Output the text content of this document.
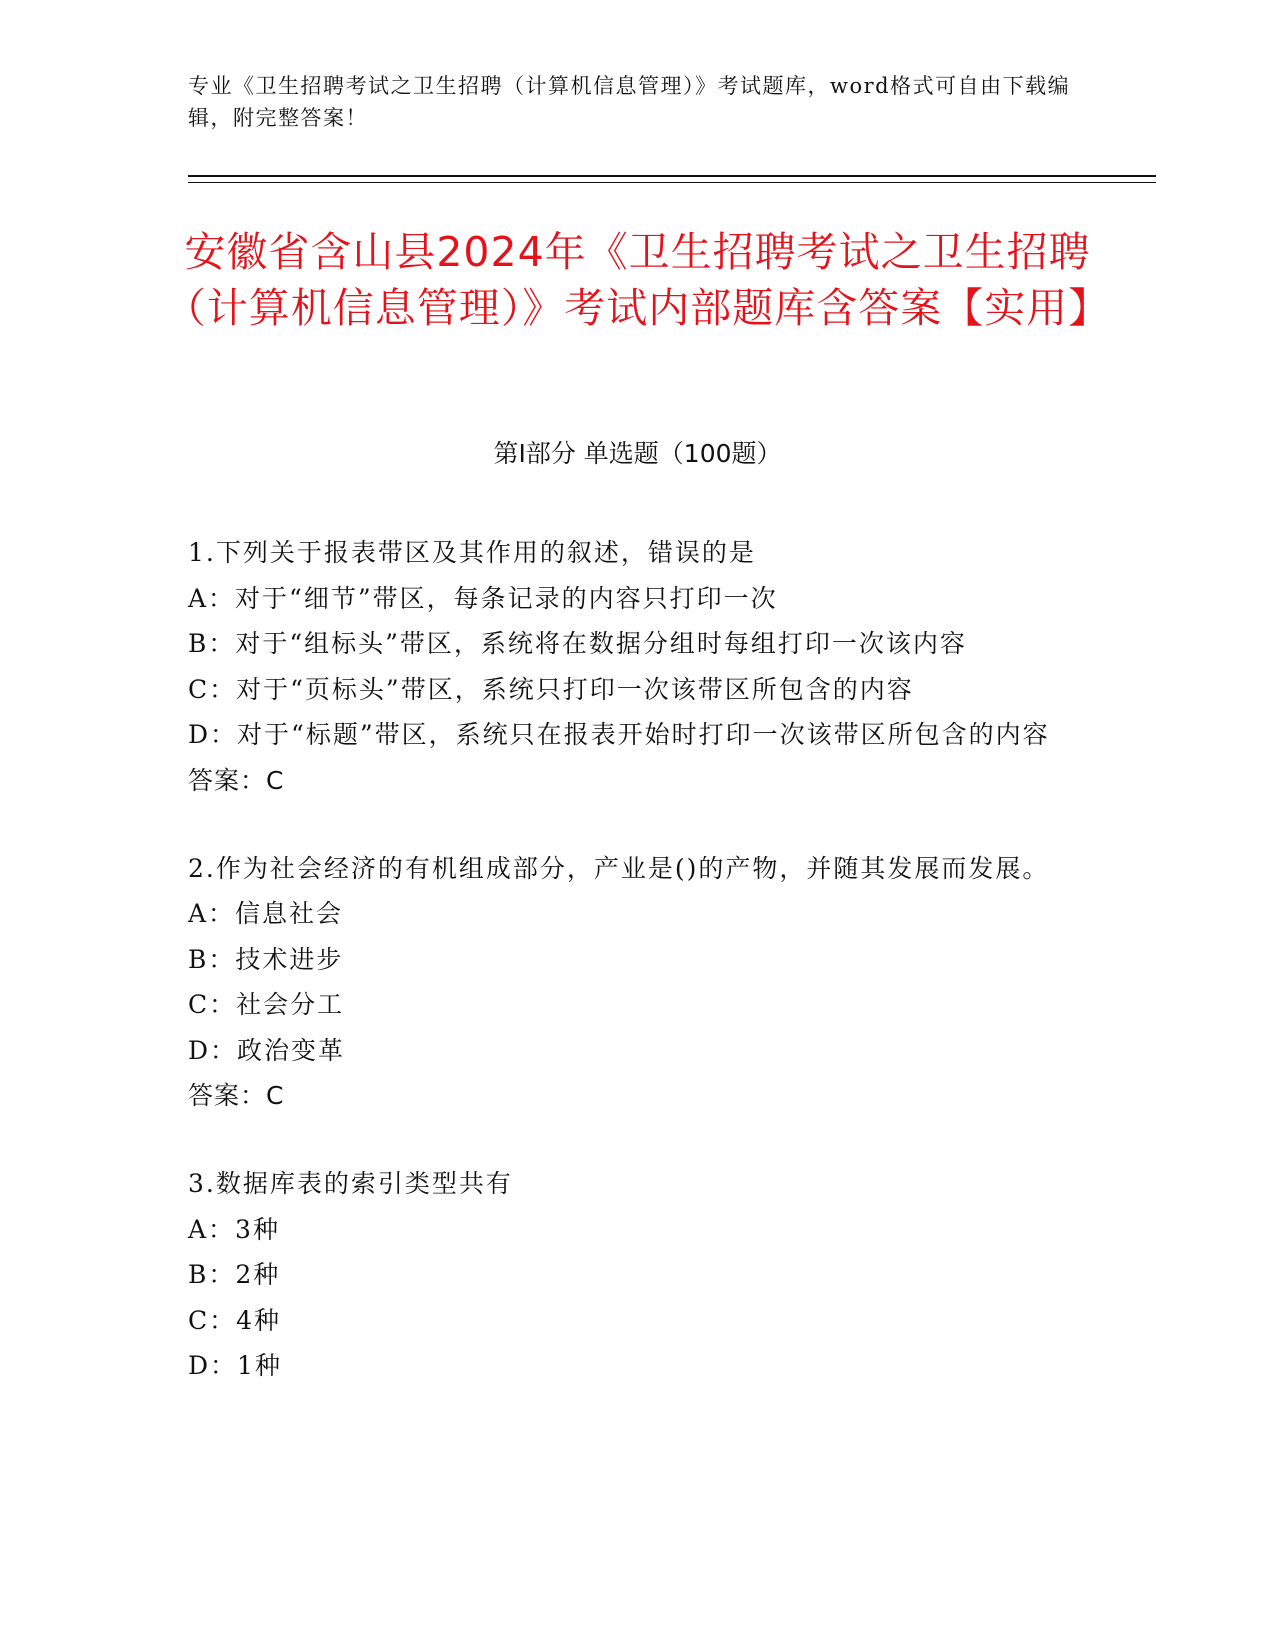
专业《卫生招聘考试之卫生招聘（计算机信息管理）》考试题库，word格式可自由下载编辑，附完整答案！
安徽省含山县2024年《卫生招聘考试之卫生招聘（计算机信息管理）》考试内部题库含答案【实用】
第Ⅰ部分 单选题（100题）
1.下列关于报表带区及其作用的叙述，错误的是
A：对于“细节”带区，每条记录的内容只打印一次
B：对于“组标头”带区，系统将在数据分组时每组打印一次该内容
C：对于“页标头”带区，系统只打印一次该带区所包含的内容
D：对于“标题”带区，系统只在报表开始时打印一次该带区所包含的内容
答案：C
2.作为社会经济的有机组成部分，产业是()的产物，并随其发展而发展。
A：信息社会
B：技术进步
C：社会分工
D：政治变革
答案：C
3.数据库表的索引类型共有
A：3种
B：2种
C：4种
D：1种
